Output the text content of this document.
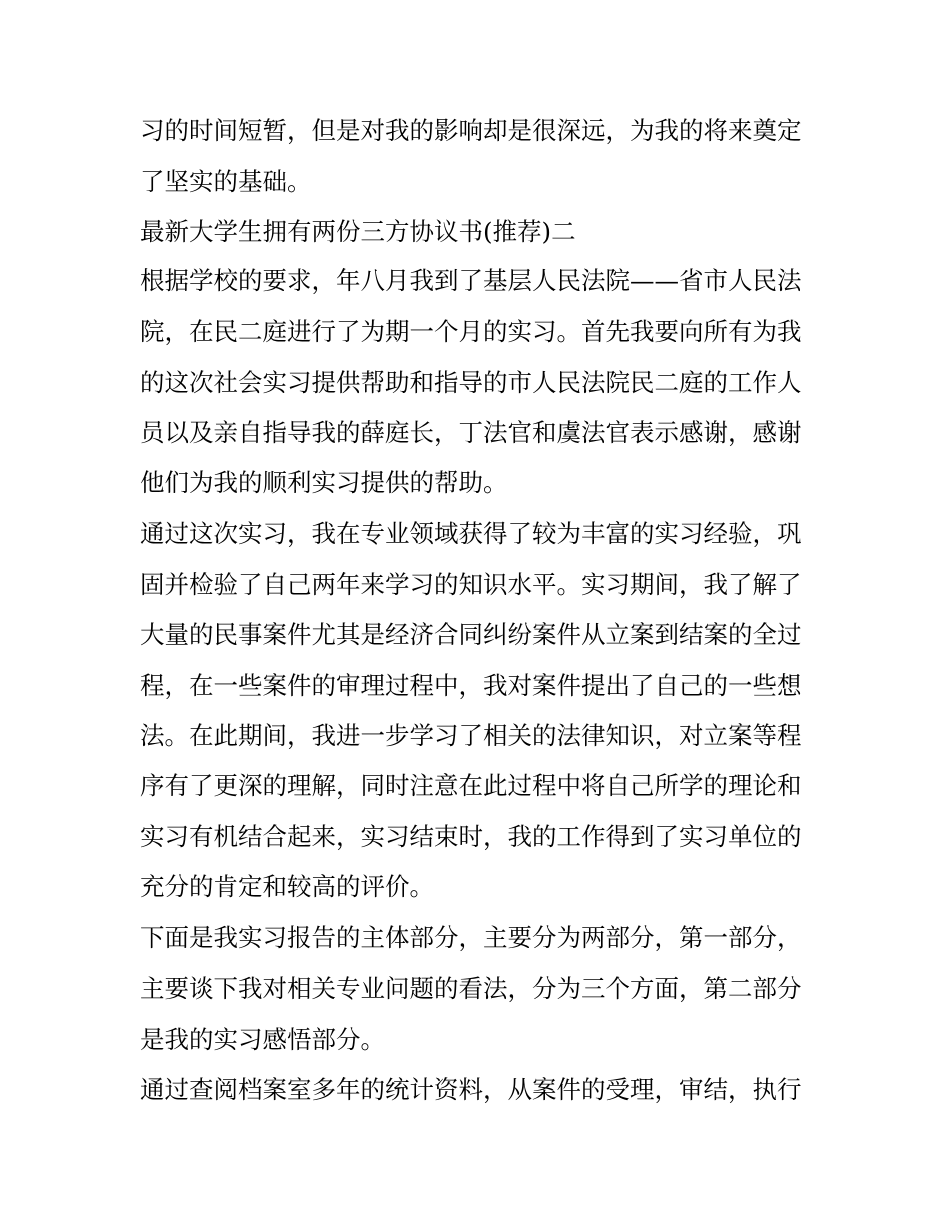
习的时间短暂，但是对我的影响却是很深远，为我的将来奠定
了坚实的基础。
最新大学生拥有两份三方协议书(推荐)二
根据学校的要求，年八月我到了基层人民法院——省市人民法
院，在民二庭进行了为期一个月的实习。首先我要向所有为我
的这次社会实习提供帮助和指导的市人民法院民二庭的工作人
员以及亲自指导我的薛庭长，丁法官和虞法官表示感谢，感谢
他们为我的顺利实习提供的帮助。
通过这次实习，我在专业领域获得了较为丰富的实习经验，巩
固并检验了自己两年来学习的知识水平。实习期间，我了解了
大量的民事案件尤其是经济合同纠纷案件从立案到结案的全过
程，在一些案件的审理过程中，我对案件提出了自己的一些想
法。在此期间，我进一步学习了相关的法律知识，对立案等程
序有了更深的理解，同时注意在此过程中将自己所学的理论和
实习有机结合起来，实习结束时，我的工作得到了实习单位的
充分的肯定和较高的评价。
下面是我实习报告的主体部分，主要分为两部分，第一部分，
主要谈下我对相关专业问题的看法，分为三个方面，第二部分
是我的实习感悟部分。
通过查阅档案室多年的统计资料，从案件的受理，审结，执行
